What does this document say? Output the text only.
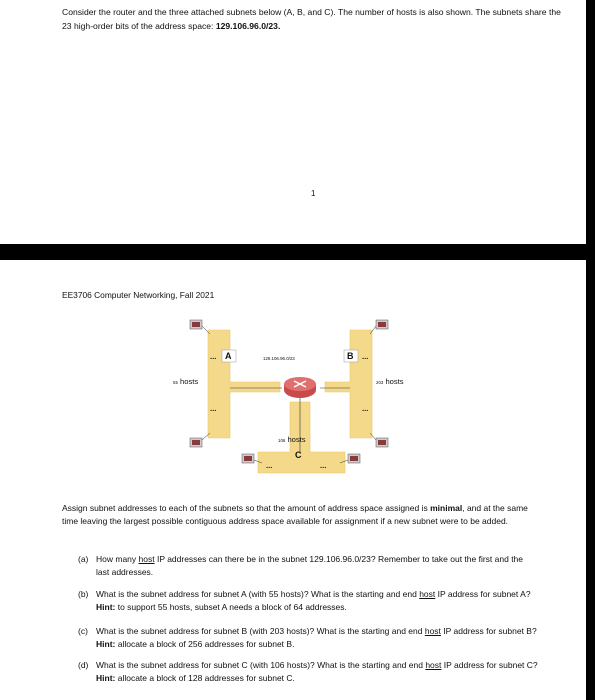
Consider the router and the three attached subnets below (A, B, and C). The number of hosts is also shown. The subnets share the 23 high-order bits of the address space: 129.106.96.0/23.
1
EE3706 Computer Networking, Fall 2021
A	B
C
...
...
...
...
...	...
129.106.96.0/23
55 hosts	203 hosts
106 hosts
Assign subnet addresses to each of the subnets so that the amount of address space assigned is minimal, and at the same time leaving the largest possible contiguous address space available for assignment if a new subnet were to be added.
(a) How many host IP addresses can there be in the subnet 129.106.96.0/23? Remember to take out the first and the last addresses.
(b) What is the subnet address for subnet A (with 55 hosts)? What is the starting and end host IP address for subnet A? Hint: to support 55 hosts, subset A needs a block of 64 addresses.
(c) What is the subnet address for subnet B (with 203 hosts)? What is the starting and end host IP address for subnet B? Hint: allocate a block of 256 addresses for subnet B.
(d) What is the subnet address for subnet C (with 106 hosts)? What is the starting and end host IP address for subnet C? Hint: allocate a block of 128 addresses for subnet C.
